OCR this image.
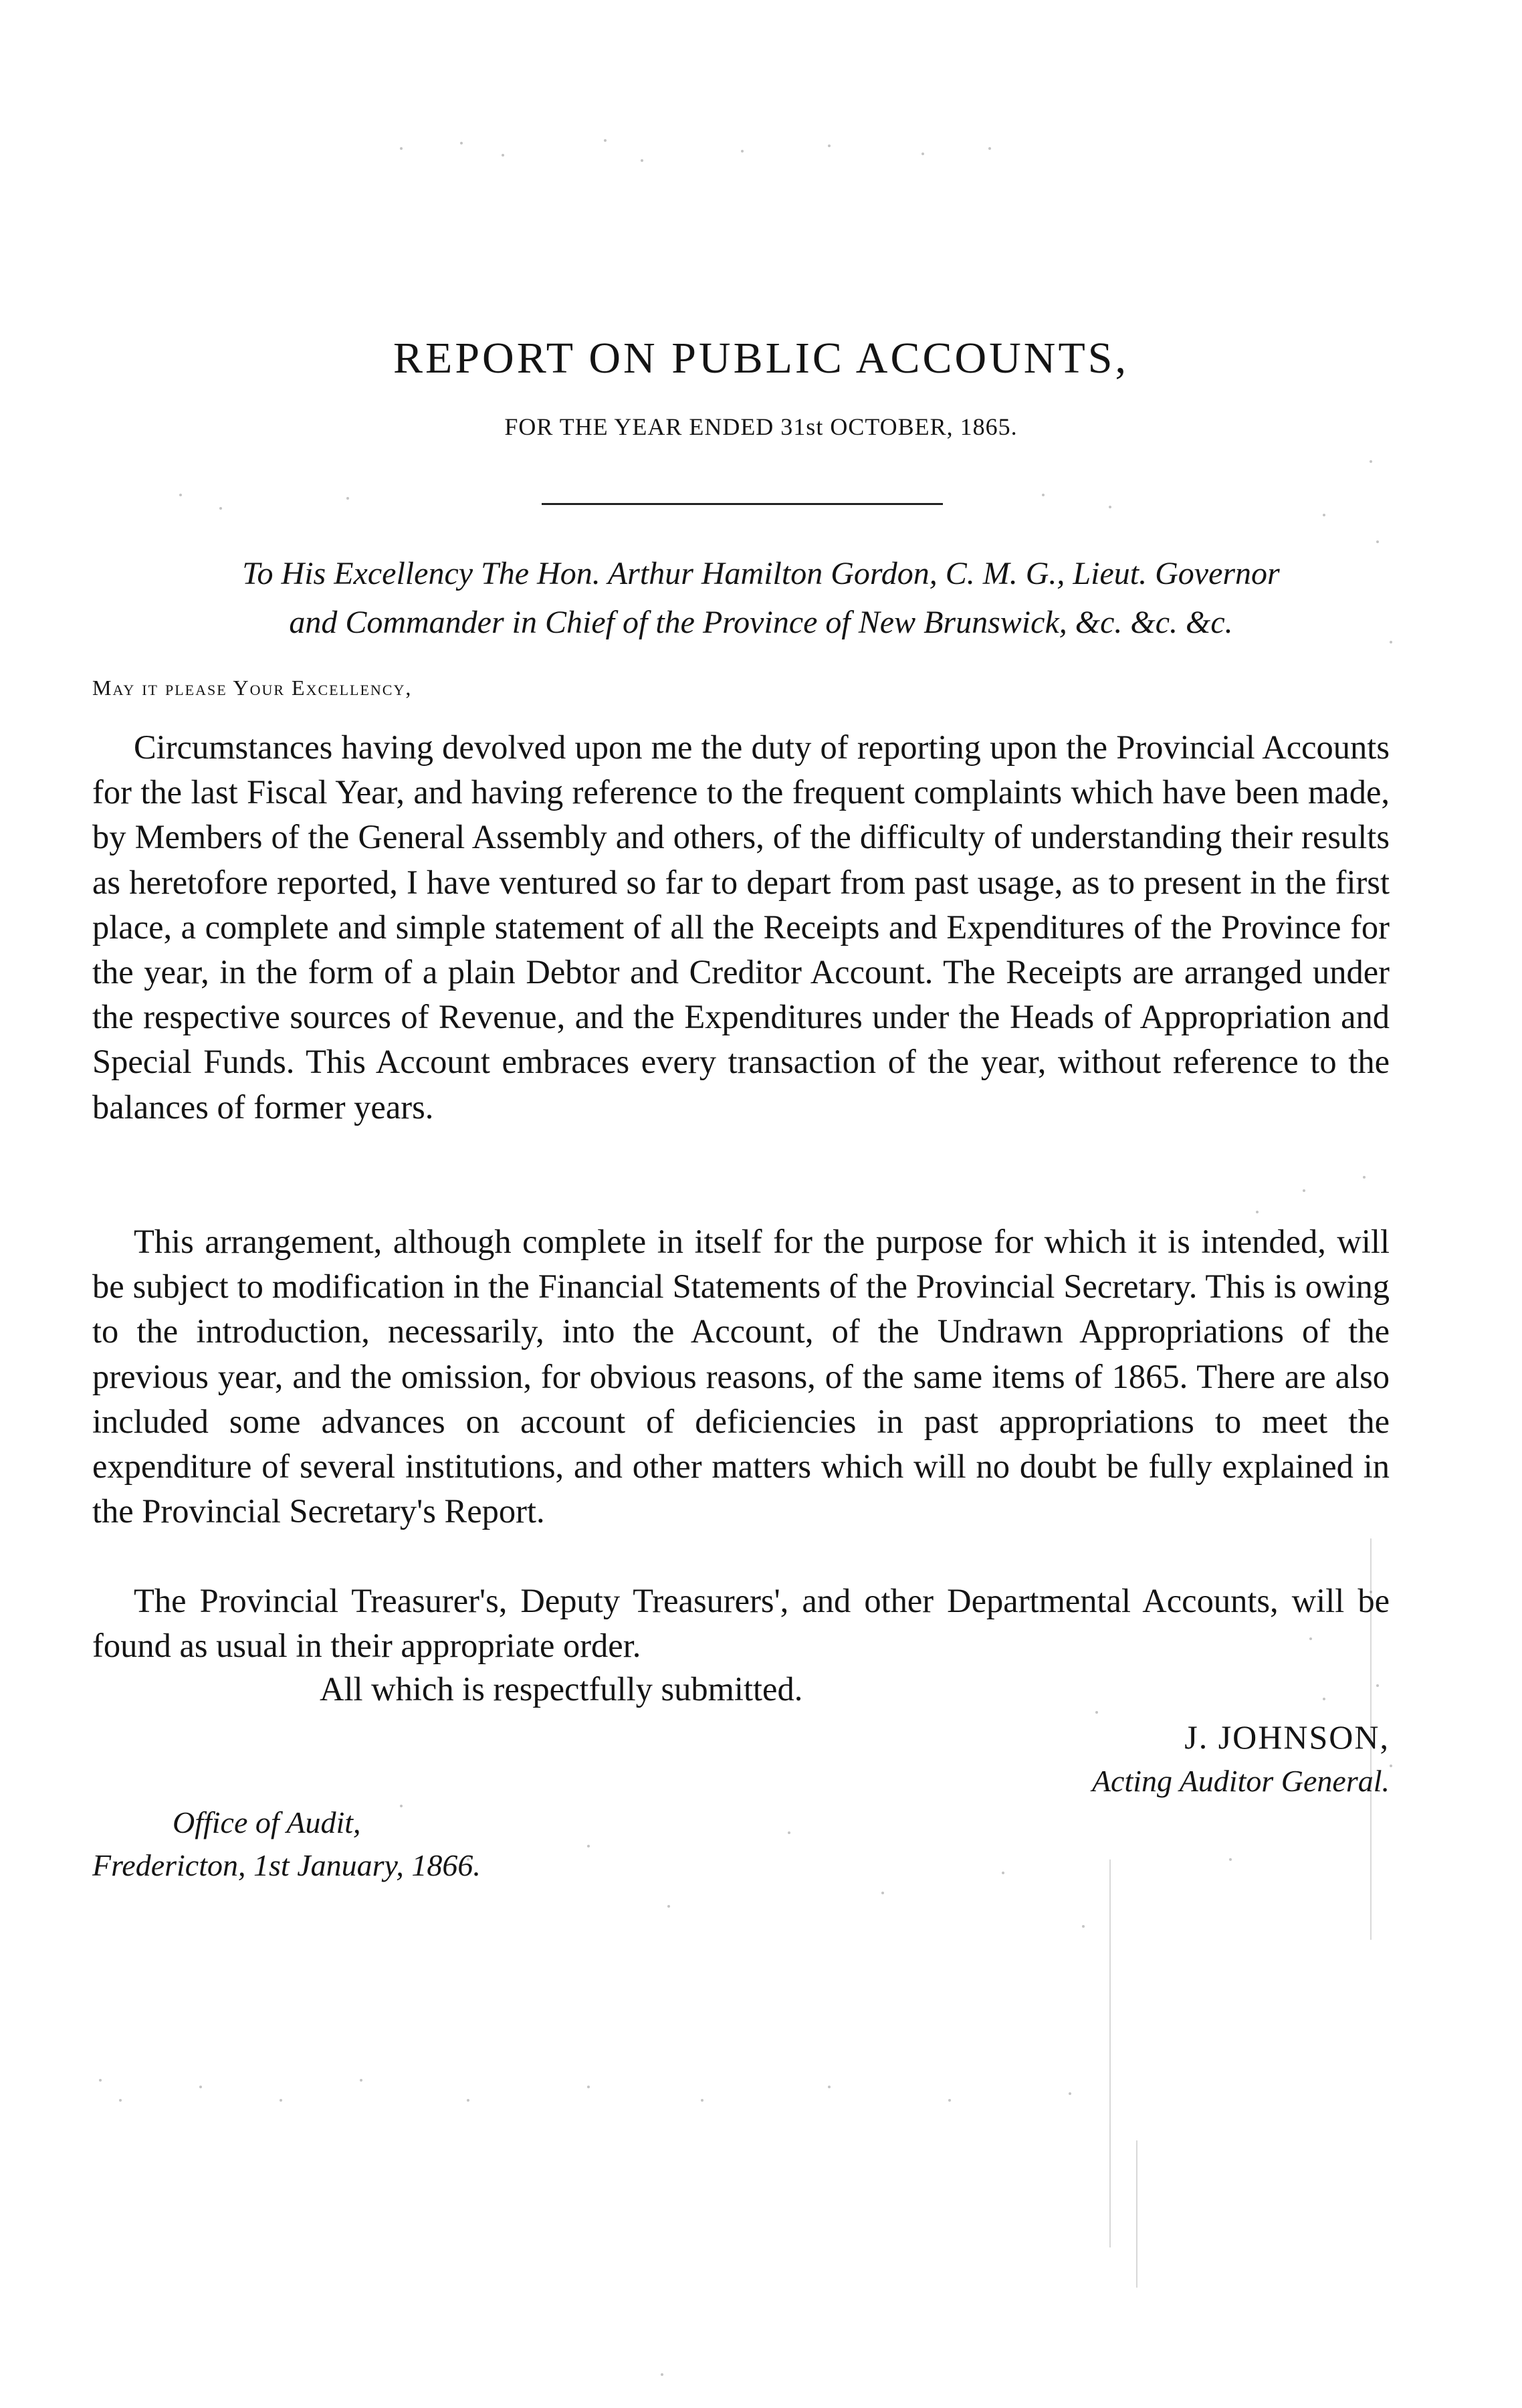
REPORT ON PUBLIC ACCOUNTS,
FOR THE YEAR ENDED 31st OCTOBER, 1865.
To His Excellency The Hon. Arthur Hamilton Gordon, C. M. G., Lieut. Governor
and Commander in Chief of the Province of New Brunswick, &c. &c. &c.
May it please Your Excellency,

Circumstances having devolved upon me the duty of reporting upon the Provincial Accounts for the last Fiscal Year, and having reference to the frequent complaints which have been made, by Members of the General Assembly and others, of the difficulty of understanding their results as heretofore reported, I have ventured so far to depart from past usage, as to present in the first place, a complete and simple statement of all the Receipts and Expenditures of the Province for the year, in the form of a plain Debtor and Creditor Account. The Receipts are arranged under the respective sources of Revenue, and the Expenditures under the Heads of Appropriation and Special Funds. This Account embraces every transaction of the year, without reference to the balances of former years.

This arrangement, although complete in itself for the purpose for which it is intended, will be subject to modification in the Financial Statements of the Provincial Secretary. This is owing to the introduction, necessarily, into the Account, of the Undrawn Appropriations of the previous year, and the omission, for obvious reasons, of the same items of 1865. There are also included some advances on account of deficiencies in past appropriations to meet the expenditure of several institutions, and other matters which will no doubt be fully explained in the Provincial Secretary's Report.

The Provincial Treasurer's, Deputy Treasurers', and other Departmental Accounts, will be found as usual in their appropriate order.

All which is respectfully submitted.
J. JOHNSON,
Acting Auditor General.
Office of Audit,
Fredericton, 1st January, 1866.
